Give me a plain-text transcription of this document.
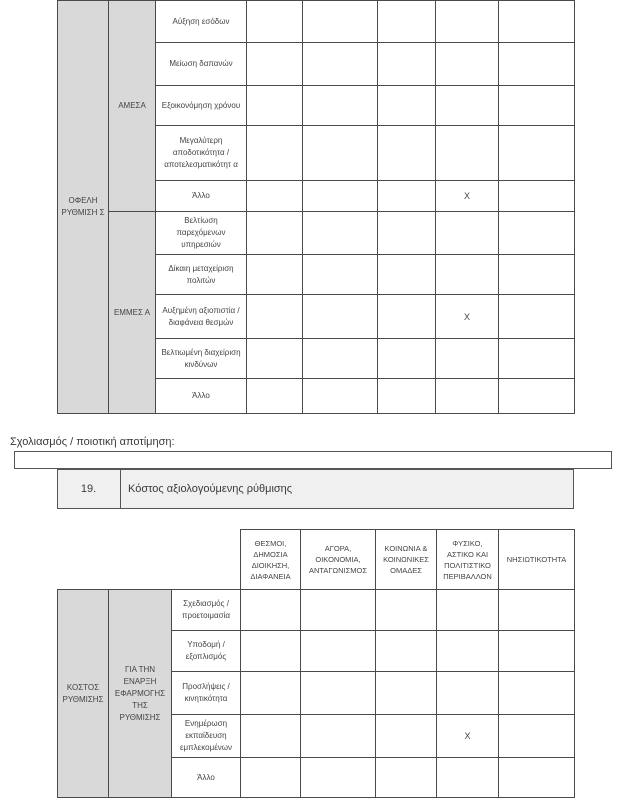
ΟΦΕΛΗ ΡΥΘΜΙΣΗ Σ	ΑΜΕΣΑ	Αύξηση εσόδων					
		Μείωση δαπανών					
		Εξοικονόμηση χρόνου					
		Μεγαλύτερη αποδοτικότητα / αποτελεσματικότητ α					
		Άλλο				X	
	ΕΜΜΕΣ Α	Βελτίωση παρεχόμενων υπηρεσιών					
		Δίκαιη μεταχείριση πολιτών					
		Αυξημένη αξιοπιστία / διαφάνεια θεσμών				X	
		Βελτιωμένη διαχείριση κινδύνων					
		Άλλο					
Σχολιασμός / ποιοτική αποτίμηση:
19.	Κόστος αξιολογούμενης ρύθμισης
			ΘΕΣΜΟΙ, ΔΗΜΟΣΙΑ ΔΙΟΙΚΗΣΗ, ΔΙΑΦΑΝΕΙΑ	ΑΓΟΡΑ, ΟΙΚΟΝΟΜΙΑ, ΑΝΤΑΓΩΝΙΣΜΟΣ	ΚΟΙΝΩΝΙΑ & ΚΟΙΝΩΝΙΚΕΣ ΟΜΑΔΕΣ	ΦΥΣΙΚΟ, ΑΣΤΙΚΟ ΚΑΙ ΠΟΛΙΤΙΣΤΙΚΟ ΠΕΡΙΒΑΛΛΟΝ	ΝΗΣΙΩΤΙΚΟΤΗΤΑ
ΚΟΣΤΟΣ ΡΥΘΜΙΣΗΣ	ΓΙΑ ΤΗΝ ΕΝΑΡΞΗ ΕΦΑΡΜΟΓΗΣ ΤΗΣ ΡΥΘΜΙΣΗΣ	Σχεδιασμός / προετοιμασία					
		Υποδομή / εξοπλισμός					
		Προσλήψεις / κινητικότητα					
		Ενημέρωση εκπαίδευση εμπλεκομένων				X	
		Άλλο					
